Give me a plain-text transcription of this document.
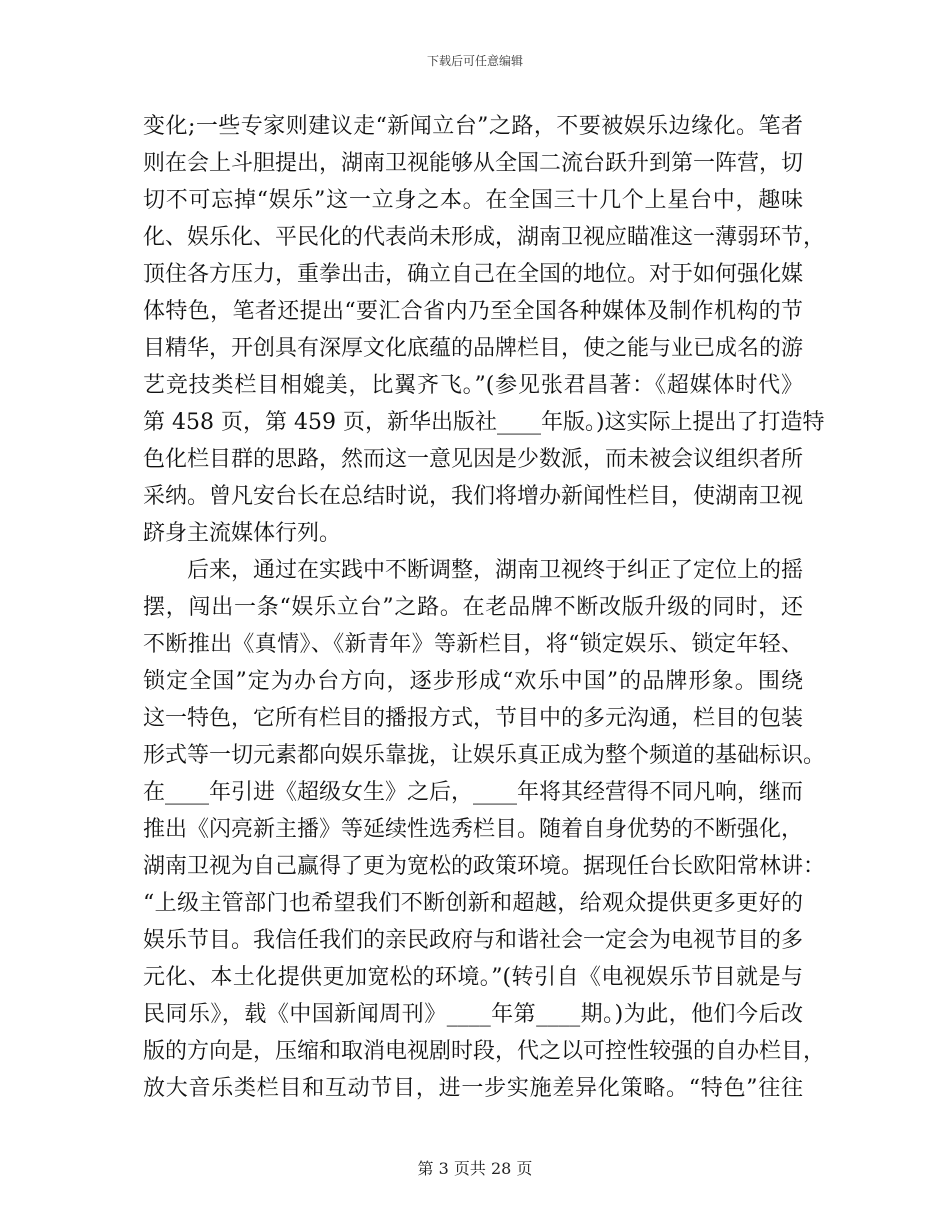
下载后可任意编辑
变化;一些专家则建议走“新闻立台”之路，不要被娱乐边缘化。笔者
则在会上斗胆提出，湖南卫视能够从全国二流台跃升到第一阵营，切
切不可忘掉“娱乐”这一立身之本。在全国三十几个上星台中，趣味
化、娱乐化、平民化的代表尚未形成，湖南卫视应瞄准这一薄弱环节，
顶住各方压力，重拳出击，确立自己在全国的地位。对于如何强化媒
体特色，笔者还提出“要汇合省内乃至全国各种媒体及制作机构的节
目精华，开创具有深厚文化底蕴的品牌栏目，使之能与业已成名的游
艺竞技类栏目相媲美，比翼齐飞。”(参见张君昌著：《超媒体时代》
第 458 页，第 459 页，新华出版社____年版。)这实际上提出了打造特
色化栏目群的思路，然而这一意见因是少数派，而未被会议组织者所
采纳。曾凡安台长在总结时说，我们将增办新闻性栏目，使湖南卫视
跻身主流媒体行列。
后来，通过在实践中不断调整，湖南卫视终于纠正了定位上的摇
摆，闯出一条“娱乐立台”之路。在老品牌不断改版升级的同时，还
不断推出《真情》、《新青年》等新栏目，将“锁定娱乐、锁定年轻、
锁定全国”定为办台方向，逐步形成“欢乐中国”的品牌形象。围绕
这一特色，它所有栏目的播报方式，节目中的多元沟通，栏目的包装
形式等一切元素都向娱乐靠拢，让娱乐真正成为整个频道的基础标识。
在____年引进《超级女生》之后，____年将其经营得不同凡响，继而
推出《闪亮新主播》等延续性选秀栏目。随着自身优势的不断强化，
湖南卫视为自己赢得了更为宽松的政策环境。据现任台长欧阳常林讲：
“上级主管部门也希望我们不断创新和超越，给观众提供更多更好的
娱乐节目。我信任我们的亲民政府与和谐社会一定会为电视节目的多
元化、本土化提供更加宽松的环境。”(转引自《电视娱乐节目就是与
民同乐》，载《中国新闻周刊》____年第____期。)为此，他们今后改
版的方向是，压缩和取消电视剧时段，代之以可控性较强的自办栏目，
放大音乐类栏目和互动节目，进一步实施差异化策略。“特色”往往
第 3 页共 28 页
